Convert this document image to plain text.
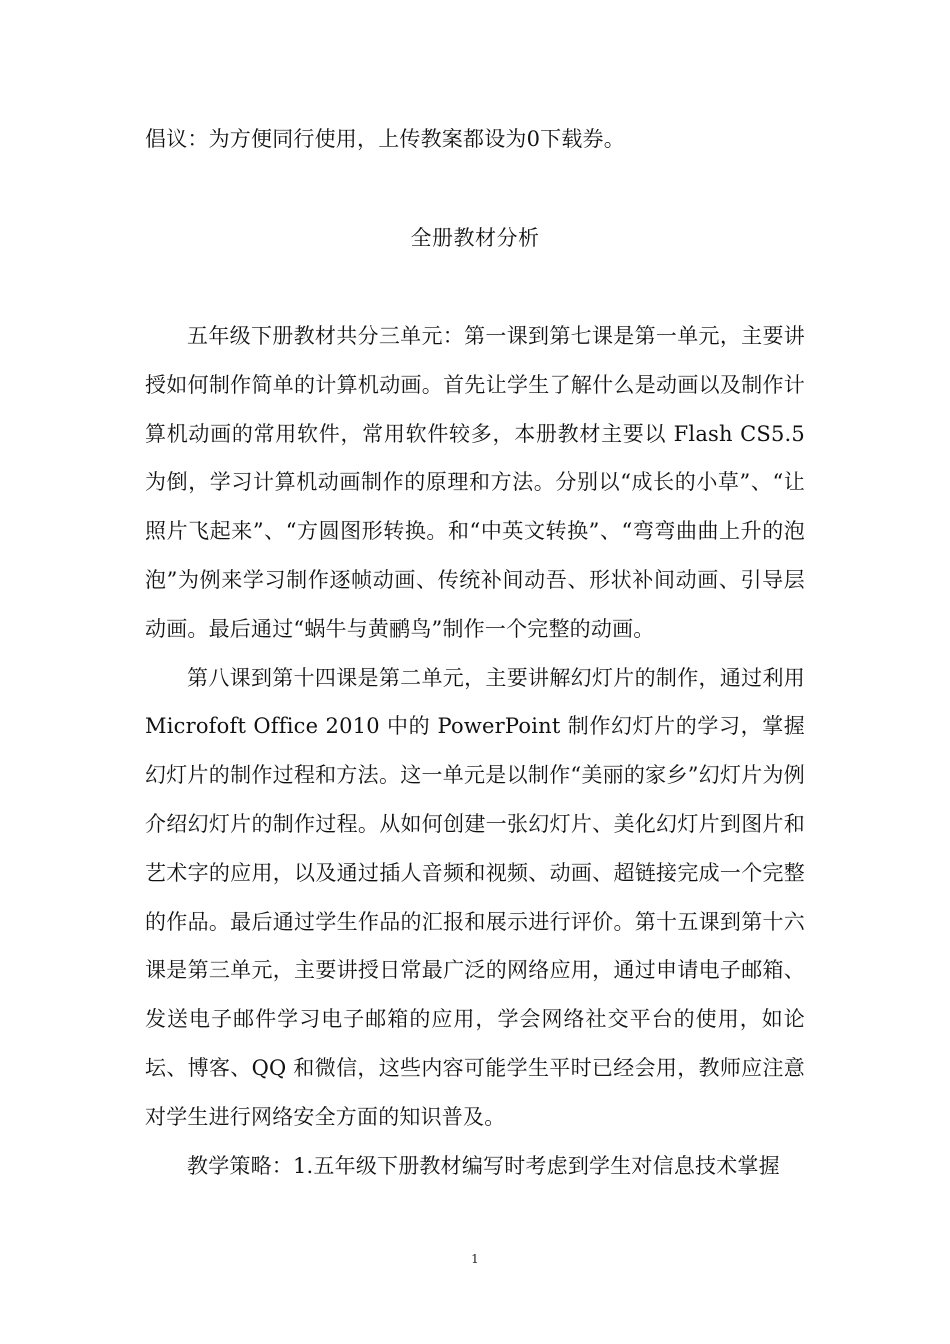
倡议：为方便同行使用，上传教案都设为0下载券。
全册教材分析

五年级下册教材共分三单元：第一课到第七课是第一单元，主要讲授如何制作简单的计算机动画。首先让学生了解什么是动画以及制作计算机动画的常用软件，常用软件较多，本册教材主要以 Flash CS5.5 为倒，学习计算机动画制作的原理和方法。分别以“成长的小草”、“让照片飞起来”、“方圆图形转换。和“中英文转换”、“弯弯曲曲上升的泡泡”为例来学习制作逐帧动画、传统补间动吾、形状补间动画、引导层动画。最后通过“蜗牛与黄鹂鸟”制作一个完整的动画。

第八课到第十四课是第二单元，主要讲解幻灯片的制作，通过利用 Microfoft Office 2010 中的 PowerPoint 制作幻灯片的学习，掌握幻灯片的制作过程和方法。这一单元是以制作“美丽的家乡”幻灯片为例介绍幻灯片的制作过程。从如何创建一张幻灯片、美化幻灯片到图片和艺术字的应用，以及通过插人音频和视频、动画、超链接完成一个完整的作品。最后通过学生作品的汇报和展示进行评价。第十五课到第十六课是第三单元，主要讲授日常最广泛的网络应用，通过申请电子邮箱、发送电子邮件学习电子邮箱的应用，学会网络社交平台的使用，如论坛、博客、QQ 和微信，这些内容可能学生平时已经会用，教师应注意对学生进行网络安全方面的知识普及。

教学策略：1.五年级下册教材编写时考虑到学生对信息技术掌握

1
